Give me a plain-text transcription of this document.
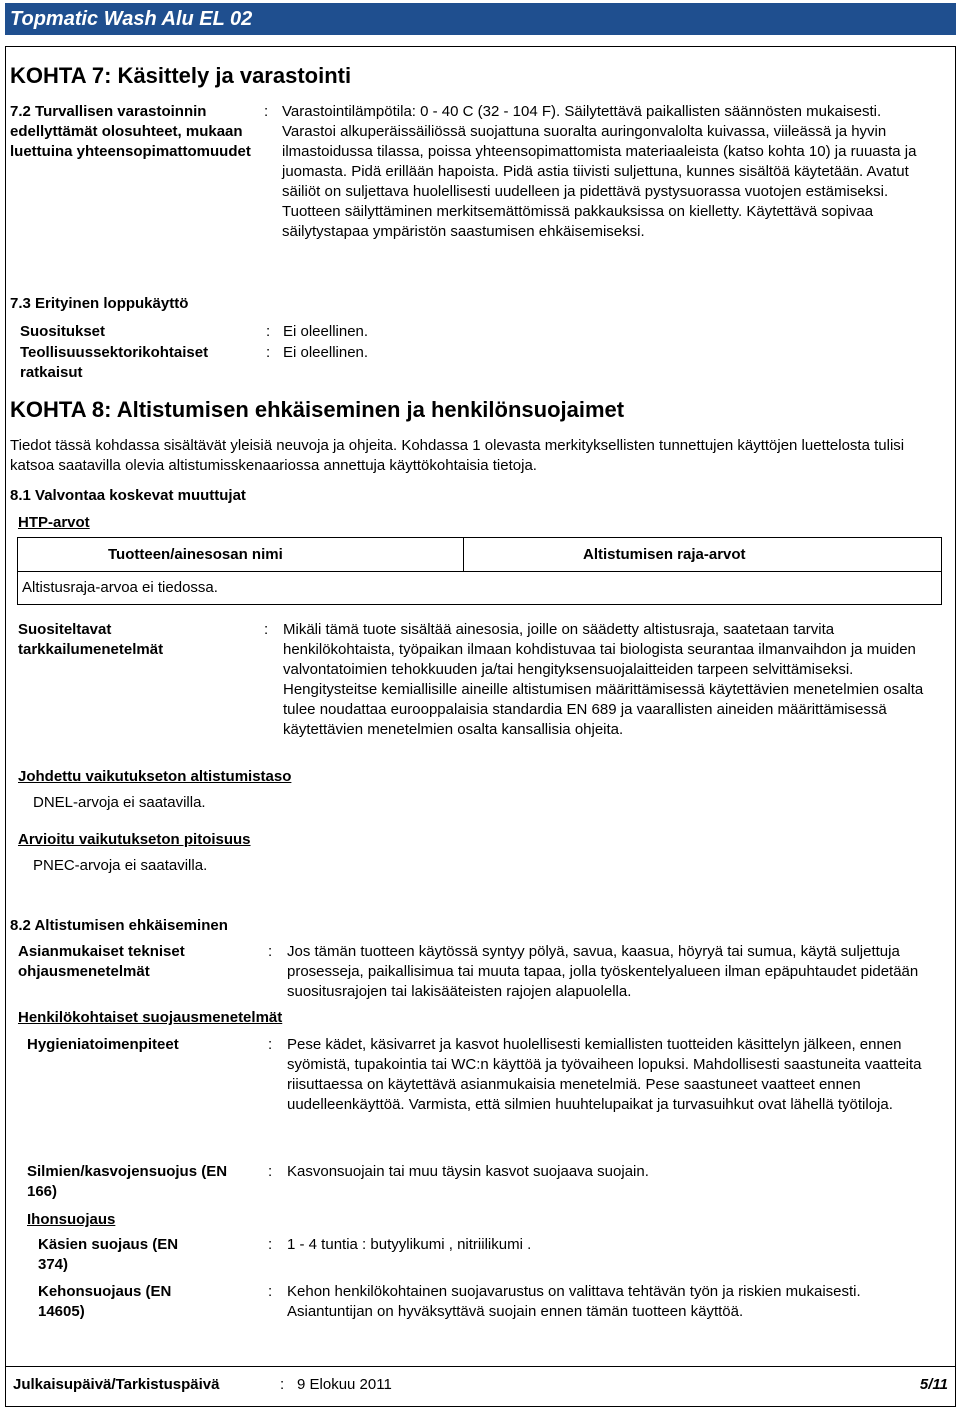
Topmatic Wash Alu EL 02
KOHTA 7: Käsittely ja varastointi
7.2 Turvallisen varastoinnin edellyttämät olosuhteet, mukaan luettuina yhteensopimattomuudet
: Varastointilämpötila: 0 - 40 C (32 - 104 F). Säilytettävä paikallisten säännösten mukaisesti. Varastoi alkuperäissäiliössä suojattuna suoralta auringonvalolta kuivassa, viileässä ja hyvin ilmastoidussa tilassa, poissa yhteensopimattomista materiaaleista (katso kohta 10) ja ruuasta ja juomasta. Pidä erillään hapoista. Pidä astia tiivisti suljettuna, kunnes sisältöä käytetään. Avatut säiliöt on suljettava huolellisesti uudelleen ja pidettävä pystysuorassa vuotojen estämiseksi. Tuotteen säilyttäminen merkitsemättömissä pakkauksissa on kielletty. Käytettävä sopivaa säilytystapaa ympäristön saastumisen ehkäisemiseksi.
7.3 Erityinen loppukäyttö
Suositukset	: Ei oleellinen.
Teollisuussektorikohtaiset ratkaisut
: Ei oleellinen.
KOHTA 8: Altistumisen ehkäiseminen ja henkilönsuojaimet
Tiedot tässä kohdassa sisältävät yleisiä neuvoja ja ohjeita. Kohdassa 1 olevasta merkityksellisten tunnettujen käyttöjen luettelosta tulisi katsoa saatavilla olevia altistumisskenaariossa annettuja käyttökohtaisia tietoja.
8.1 Valvontaa koskevat muuttujat
HTP-arvot
Tuotteen/ainesosan nimi	Altistumisen raja-arvot
Altistusraja-arvoa ei tiedossa.
Suositeltavat tarkkailumenetelmät
: Mikäli tämä tuote sisältää ainesosia, joille on säädetty altistusraja, saatetaan tarvita henkilökohtaista, työpaikan ilmaan kohdistuvaa tai biologista seurantaa ilmanvaihdon ja muiden valvontatoimien tehokkuuden ja/tai hengityksensuojalaitteiden tarpeen selvittämiseksi. Hengitysteitse kemiallisille aineille altistumisen määrittämisessä käytettävien menetelmien osalta tulee noudattaa eurooppalaisia standardia EN 689 ja vaarallisten aineiden määrittämisessä käytettävien menetelmien osalta kansallisia ohjeita.
Johdettu vaikutukseton altistumistaso
DNEL-arvoja ei saatavilla.
Arvioitu vaikutukseton pitoisuus
PNEC-arvoja ei saatavilla.
8.2 Altistumisen ehkäiseminen
Asianmukaiset tekniset ohjausmenetelmät
: Jos tämän tuotteen käytössä syntyy pölyä, savua, kaasua, höyryä tai sumua, käytä suljettuja prosesseja, paikallisimua tai muuta tapaa, jolla työskentelyalueen ilman epäpuhtaudet pidetään suositusrajojen tai lakisääteisten rajojen alapuolella.
Henkilökohtaiset suojausmenetelmät
Hygieniatoimenpiteet	: Pese kädet, käsivarret ja kasvot huolellisesti kemiallisten tuotteiden käsittelyn jälkeen, ennen syömistä, tupakointia tai WC:n käyttöä ja työvaiheen lopuksi. Mahdollisesti saastuneita vaatteita riisuttaessa on käytettävä asianmukaisia menetelmiä. Pese saastuneet vaatteet ennen uudelleenkäyttöä. Varmista, että silmien huuhtelupaikat ja turvasuihkut ovat lähellä työtiloja.
Silmien/kasvojensuojus (EN 166)
: Kasvonsuojain tai muu täysin kasvot suojaava suojain.
Ihonsuojaus
Käsien suojaus (EN 374)
: 1 - 4 tuntia : butyylikumi , nitriilikumi .
Kehonsuojaus (EN 14605)
: Kehon henkilökohtainen suojavarustus on valittava tehtävän työn ja riskien mukaisesti. Asiantuntijan on hyväksyttävä suojain ennen tämän tuotteen käyttöä.
Julkaisupäivä/Tarkistuspäivä	: 9 Elokuu 2011	5/11
